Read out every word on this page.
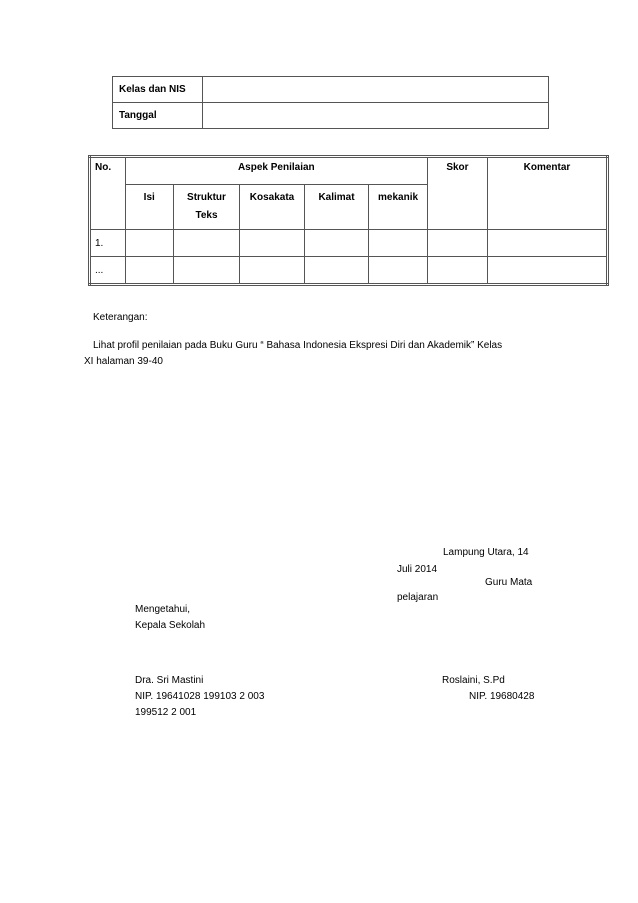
Kelas dan NIS	
Tanggal	
No.	Aspek Penilaian					Skor	Komentar
	Isi	Struktur Teks	Kosakata	Kalimat	mekanik		
1.							
...							
Keterangan:
Lihat profil penilaian pada Buku Guru “ Bahasa Indonesia Ekspresi Diri dan Akademik” Kelas
XI halaman 39-40
Lampung Utara, 14
Juli 2014
Guru Mata
pelajaran
Mengetahui,
Kepala Sekolah
Dra. Sri Mastini
NIP. 19641028 199103 2 003
199512 2 001
Roslaini, S.Pd
NIP. 19680428
